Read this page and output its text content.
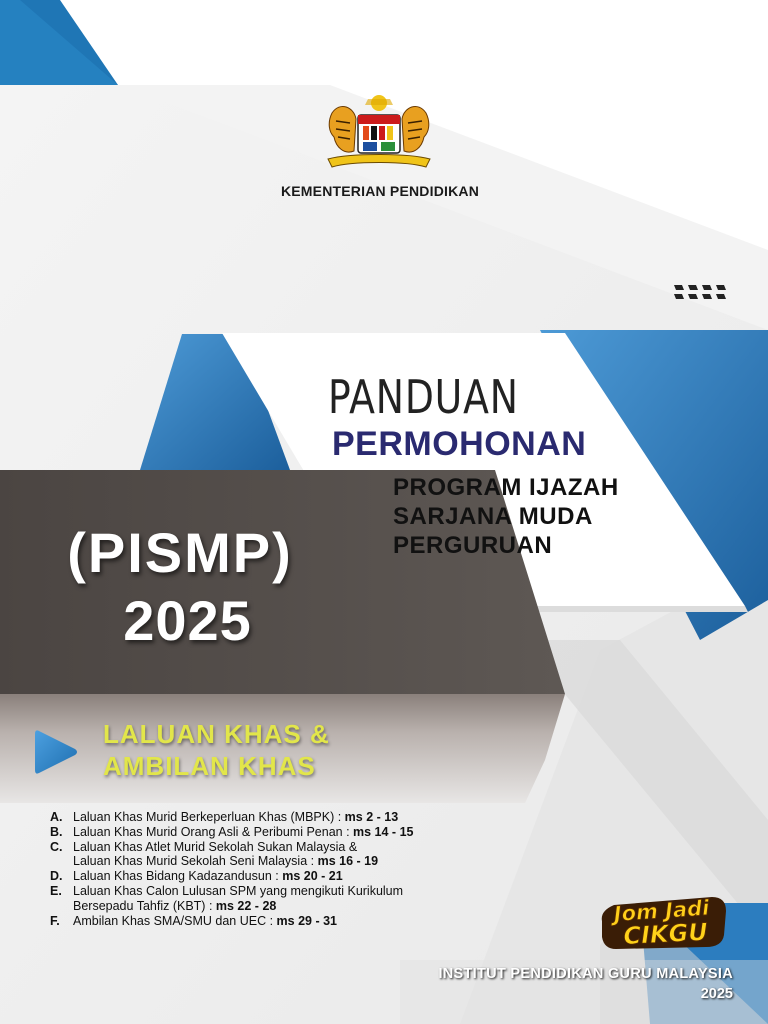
KEMENTERIAN PENDIDIKAN
PANDUAN
PERMOHONAN
PROGRAM IJAZAH
SARJANA MUDA
PERGURUAN
(PISMP)
2025
LALUAN KHAS &
AMBILAN KHAS
A. Laluan Khas Murid Berkeperluan Khas (MBPK) : ms 2 - 13
B. Laluan Khas Murid Orang Asli & Peribumi Penan : ms 14 - 15
C. Laluan Khas Atlet Murid Sekolah Sukan Malaysia &
Laluan Khas Murid Sekolah Seni Malaysia : ms 16 - 19
D. Laluan Khas Bidang Kadazandusun : ms 20 - 21
E. Laluan Khas Calon Lulusan SPM yang mengikuti Kurikulum
Bersepadu Tahfiz (KBT) : ms 22 - 28
F.	Ambilan Khas SMA/SMU dan UEC : ms 29 - 31	Jom Jadi
CIKGU
INSTITUT PENDIDIKAN GURU MALAYSIA
2025
